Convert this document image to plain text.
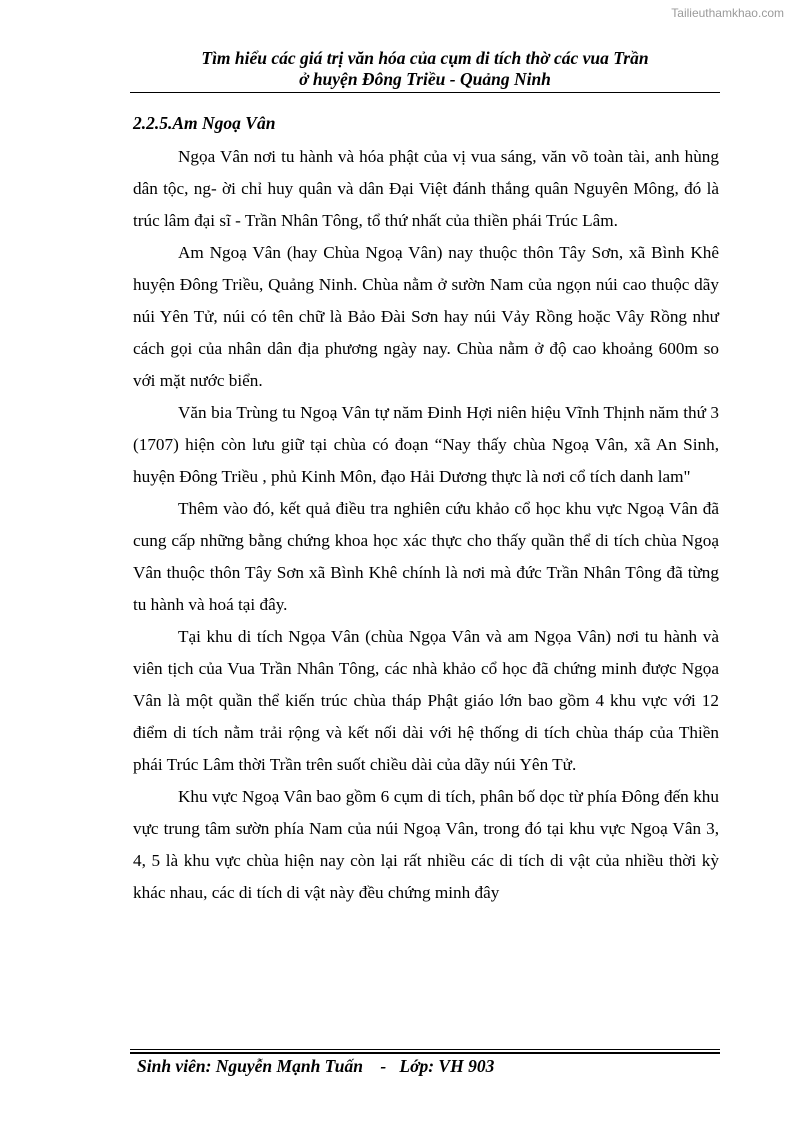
Tailieuthamkhao.com
Tìm hiểu các giá trị văn hóa của cụm di tích thờ các vua Trần
ở huyện Đông Triều - Quảng Ninh
2.2.5.Am Ngoạ Vân

Ngọa Vân nơi tu hành và hóa phật của vị vua sáng, văn võ toàn tài, anh hùng dân tộc, ng- ời chỉ huy quân và dân Đại Việt đánh thắng quân Nguyên Mông, đó là trúc lâm đại sĩ - Trần Nhân Tông, tổ thứ nhất của thiền phái Trúc Lâm.

Am Ngoạ Vân (hay Chùa Ngoạ Vân) nay thuộc thôn Tây Sơn, xã Bình Khê huyện Đông Triều, Quảng Ninh. Chùa nằm ở sườn Nam của ngọn núi cao thuộc dãy núi Yên Tử, núi có tên chữ là Bảo Đài Sơn hay núi Vảy Rồng hoặc Vây Rồng như cách gọi của nhân dân địa phương ngày nay. Chùa nằm ở độ cao khoảng 600m so với mặt nước biển.

Văn bia Trùng tu Ngoạ Vân tự năm Đinh Hợi niên hiệu Vĩnh Thịnh năm thứ 3 (1707) hiện còn lưu giữ tại chùa có đoạn “Nay thấy chùa Ngoạ Vân, xã An Sinh, huyện Đông Triều , phủ Kinh Môn, đạo Hải Dương thực là nơi cổ tích danh lam"

Thêm vào đó, kết quả điều tra nghiên cứu khảo cổ học khu vực Ngoạ Vân đã cung cấp những bằng chứng khoa học xác thực cho thấy quần thể di tích chùa Ngoạ Vân thuộc thôn Tây Sơn xã Bình Khê chính là nơi mà đức Trần Nhân Tông đã từng tu hành và hoá tại đây.

Tại khu di tích Ngọa Vân (chùa Ngọa Vân và am Ngọa Vân) nơi tu hành và viên tịch của Vua Trần Nhân Tông, các nhà khảo cổ học đã chứng minh được Ngọa Vân là một quần thể kiến trúc chùa tháp Phật giáo lớn bao gồm 4 khu vực với 12 điểm di tích nằm trải rộng và kết nối dài với hệ thống di tích chùa tháp của Thiền phái Trúc Lâm thời Trần trên suốt chiều dài của dãy núi Yên Tử.

Khu vực Ngoạ Vân bao gồm 6 cụm di tích, phân bố dọc từ phía Đông đến khu vực trung tâm sườn phía Nam của núi Ngoạ Vân, trong đó tại khu vực Ngoạ Vân 3, 4, 5 là khu vực chùa hiện nay còn lại rất nhiều các di tích di vật của nhiều thời kỳ khác nhau, các di tích di vật này đều chứng minh đây

Sinh viên: Nguyễn Mạnh Tuấn    -   Lớp: VH 903
